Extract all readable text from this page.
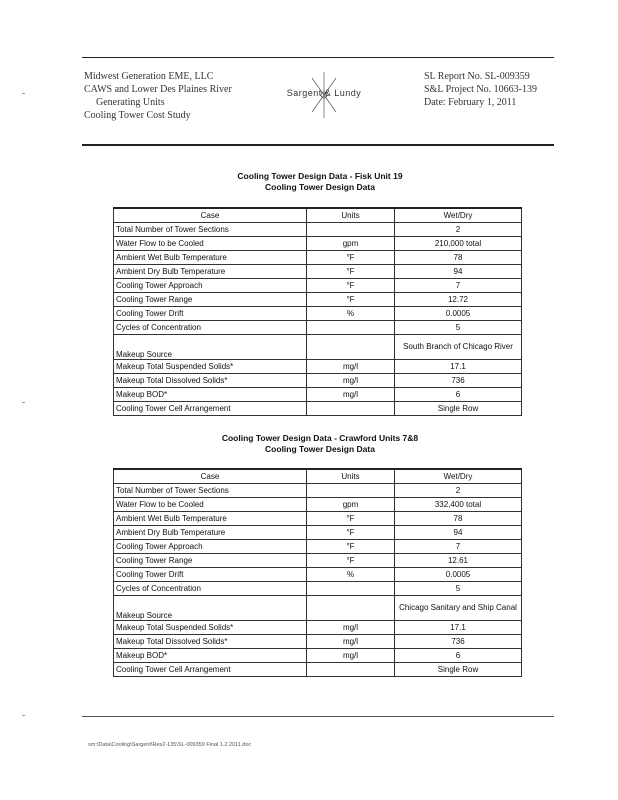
Midwest Generation EME, LLC
CAWS and Lower Des Plaines River
Generating Units
Cooling Tower Cost Study
Sargent & Lundy
SL Report No. SL-009359
S&L Project No. 10663-139
Date: February 1, 2011
Cooling Tower Design Data - Fisk Unit 19
Cooling Tower Design Data
Case	Units	Wet/Dry
Total Number of Tower Sections		2
Water Flow to be Cooled	gpm	210,000 total
Ambient Wet Bulb Temperature	°F	78
Ambient Dry Bulb Temperature	°F	94
Cooling Tower Approach	°F	7
Cooling Tower Range	°F	12.72
Cooling Tower Drift	%	0.0005
Cycles of Concentration		5
Makeup Source		South Branch of Chicago River
Makeup Total Suspended Solids*	mg/l	17.1
Makeup Total Dissolved Solids*	mg/l	736
Makeup BOD*	mg/l	6
Cooling Tower Cell Arrangement		Single Row
Cooling Tower Design Data - Crawford Units 7&8
Cooling Tower Design Data
Case	Units	Wet/Dry
Total Number of Tower Sections		2
Water Flow to be Cooled	gpm	332,400 total
Ambient Wet Bulb Temperature	°F	78
Ambient Dry Bulb Temperature	°F	94
Cooling Tower Approach	°F	7
Cooling Tower Range	°F	12.61
Cooling Tower Drift	%	0.0005
Cycles of Concentration		5
Makeup Source		Chicago Sanitary and Ship Canal
Makeup Total Suspended Solids*	mg/l	17.1
Makeup Total Dissolved Solids*	mg/l	736
Makeup BOD*	mg/l	6
Cooling Tower Cell Arrangement		Single Row
sm:\Data\Cooling\Sargent\Res2-135\SL-009359 Final 1.2.2011.doc
